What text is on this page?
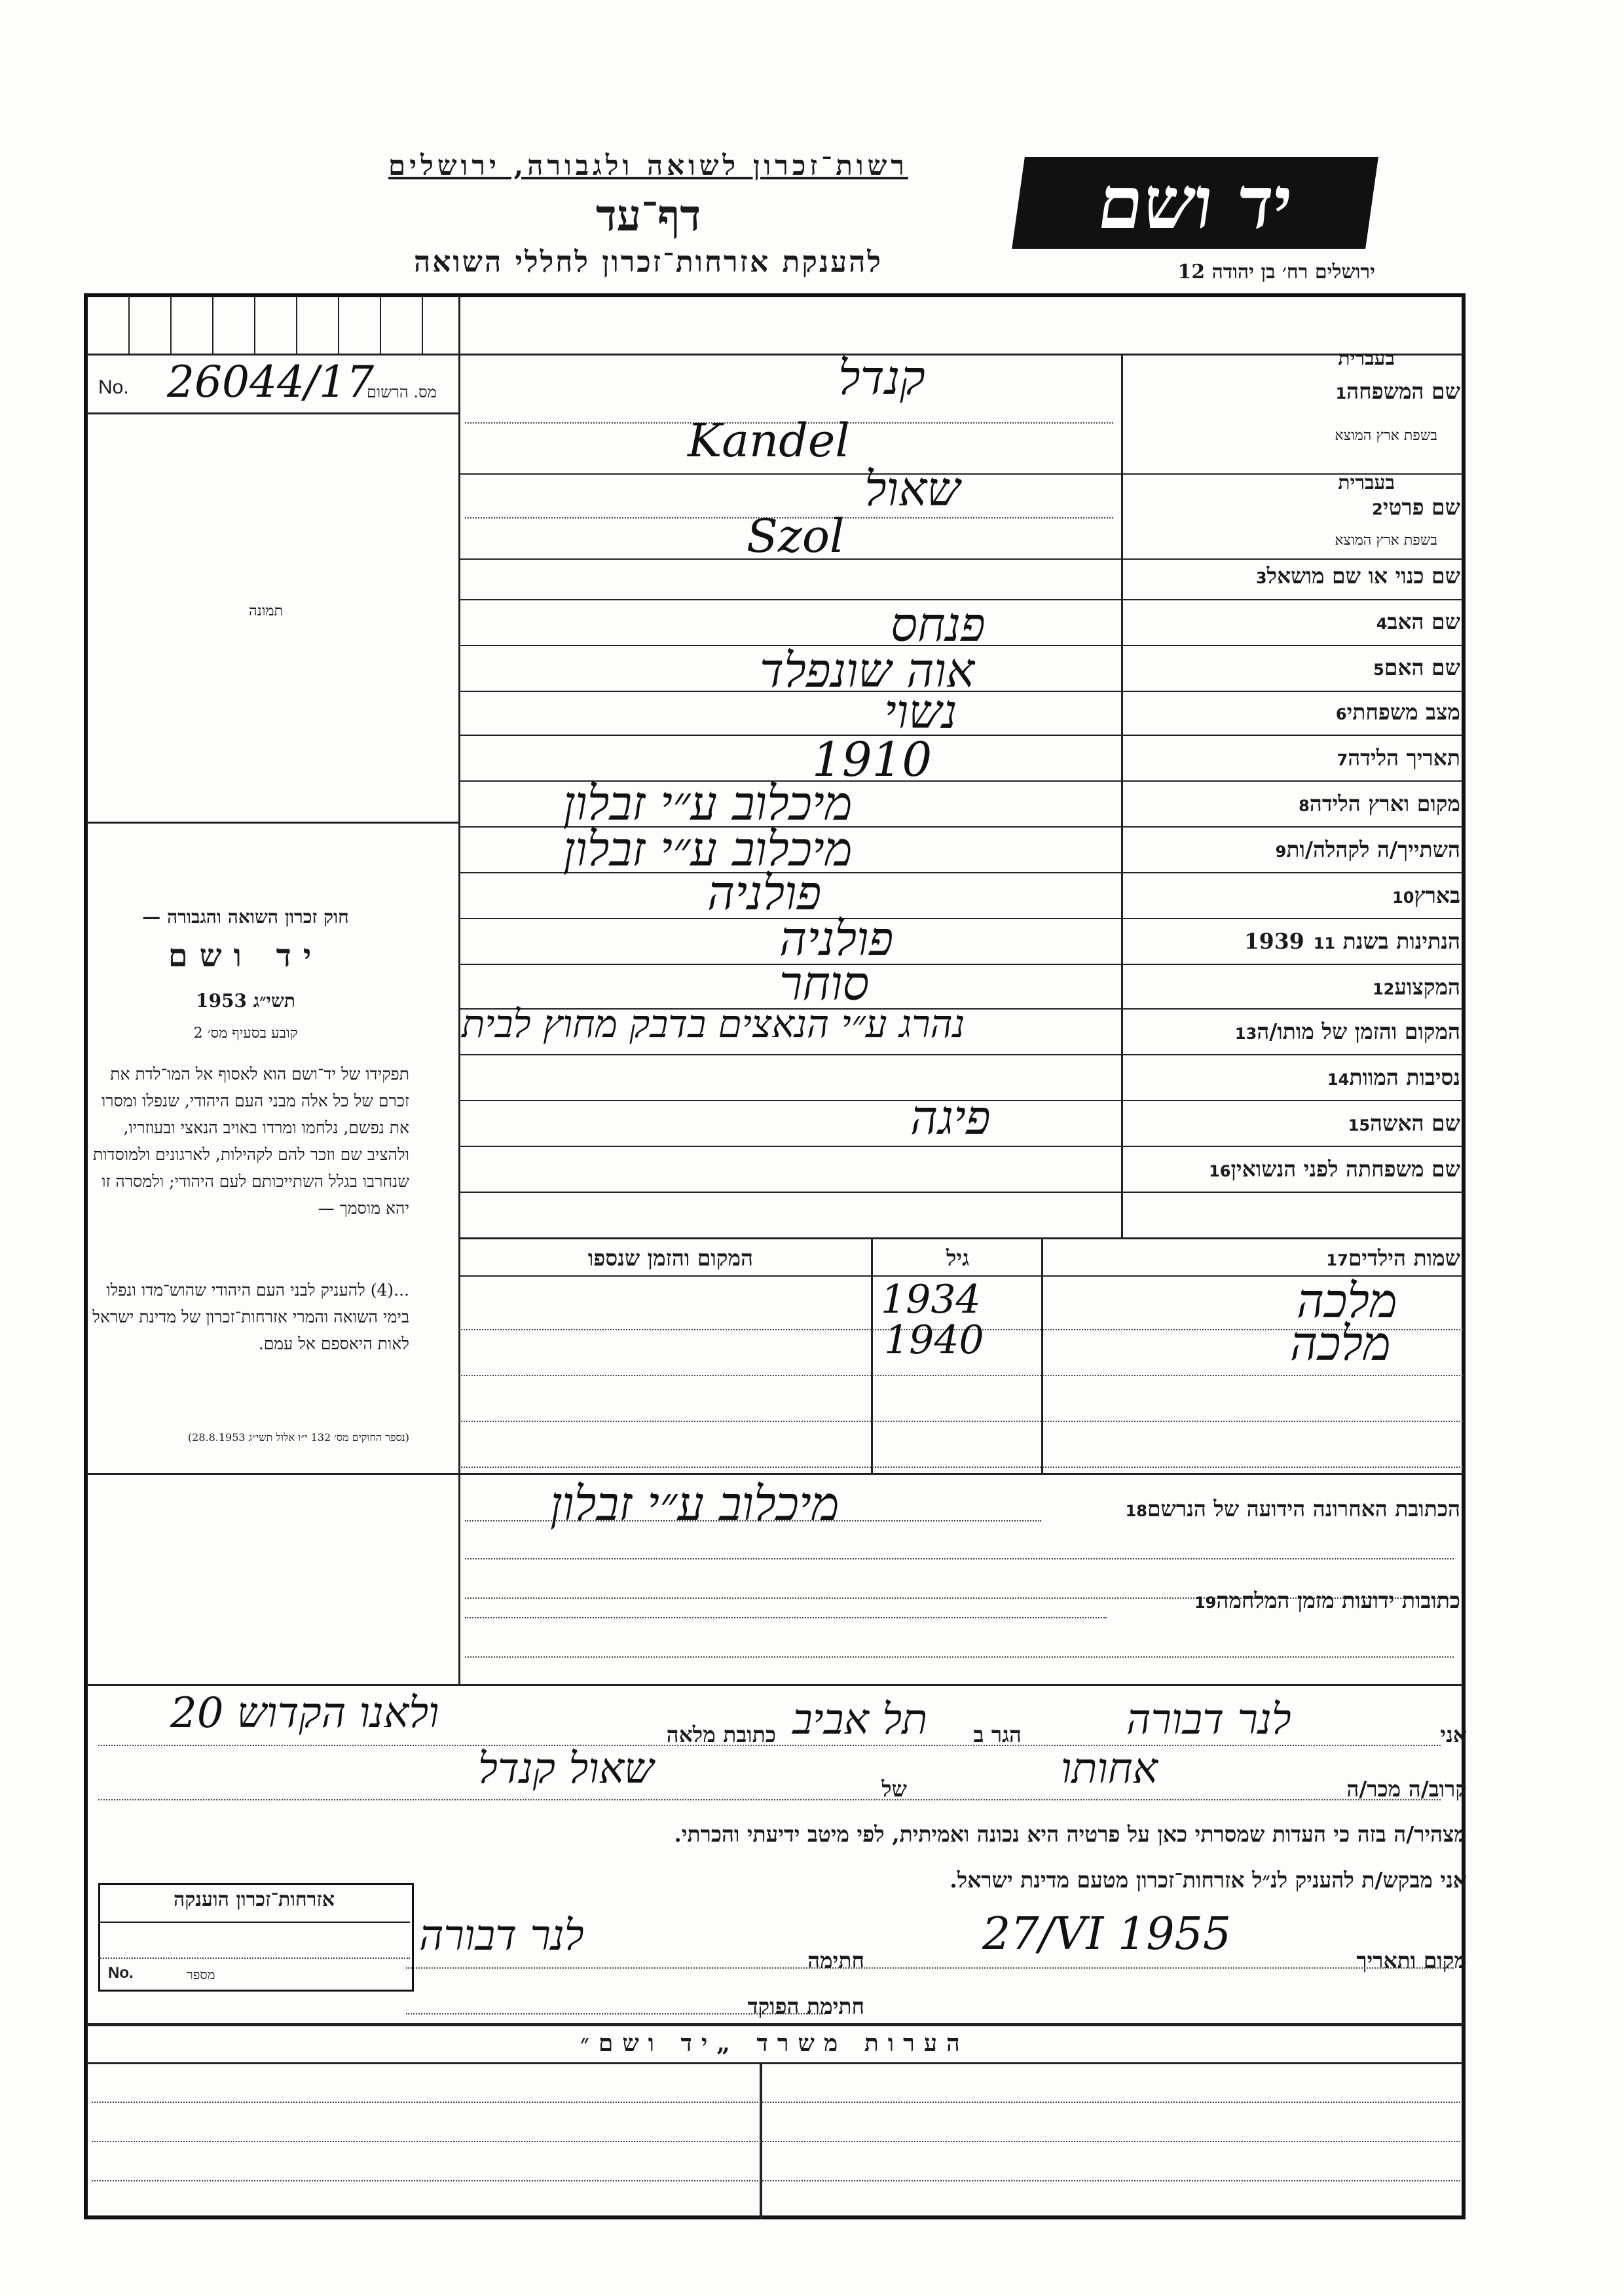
רשות־זכרון לשואה ולגבורה, ירושלים
דף־עד
להענקת אזרחות־זכרון לחללי השואה
יד ושם
ירושלים רח׳ בן יהודה 12
No. 26044/17
מס. הרשום
תמונה
חוק זכרון השואה והגבורה —
יד ושם
תשי״ג 1953
קובע בסעיף מס׳ 2
תפקידו של יד־ושם הוא לאסוף אל המו־לדת את זכרם של כל אלה מבני העם היהודי, שנפלו ומסרו את נפשם, נלחמו ומרדו באויב הנאצי ובעוזריו, ולהציב שם וזכר להם לקהילות, לארגונים ולמוסדות שנחרבו בגלל השתייכותם לעם היהודי; ולמסרה זו יהא מוסמך —
...(4) להעניק לבני העם היהודי שהוש־מדו ונפלו בימי השואה והמרי אזרחות־זכרון של מדינת ישראל לאות היאספם אל עמם.
(נספר החוקים מס׳ 132 י״ו אלול תשי״ג 28.8.1953)
שם המשפחה1
בעברית
בשפת ארץ המוצא
קנדל
Kandel
שם פרטי2
בעברית
בשפת ארץ המוצא
שאול
Szol
שם כנוי או שם מושאל3
שם האב4
פנחס
שם האם5
אוה שונפלד
מצב משפחתי6
נשוי
תאריך הלידה7
1910
מקום וארץ הלידה8
מיכלוב ע״י זבלון
השתייך/ה לקהלה/ות9
מיכלוב ע״י זבלון
בארץ10
פולניה
הנתינות בשנת 193911
פולניה
המקצוע12
סוחר
המקום והזמן של מותו/ה13
נהרג ע״י הנאצים בדבק מחוץ לבית
נסיבות המוות14
שם האשה15
פיגה
שם משפחתה לפני הנשואין16
שמות הילדים17
גיל
המקום והזמן שנספו
מלכה
1934
מלכה
1940
הכתובת האחרונה הידועה של הנרשם18
מיכלוב ע״י זבלון
כתובות ידועות מזמן המלחמה19
אני
לנר דבורה
הגר ב
תל אביב
כתובת מלאה
ולאנו הקדוש 20
קרוב/ה מכר/ה
אחותו
של
שאול קנדל
מצהיר/ה בזה כי העדות שמסרתי כאן על פרטיה היא נכונה ואמיתית, לפי מיטב ידיעתי והכרתי.
אני מבקש/ת להעניק לנ״ל אזרחות־זכרון מטעם מדינת ישראל.
מקום ותאריך
27/VI 1955
חתימה
לנר דבורה
חתימת הפוקד
אזרחות־זכרון הוענקה
No.	מספר
הערות משרד „יד ושם״
